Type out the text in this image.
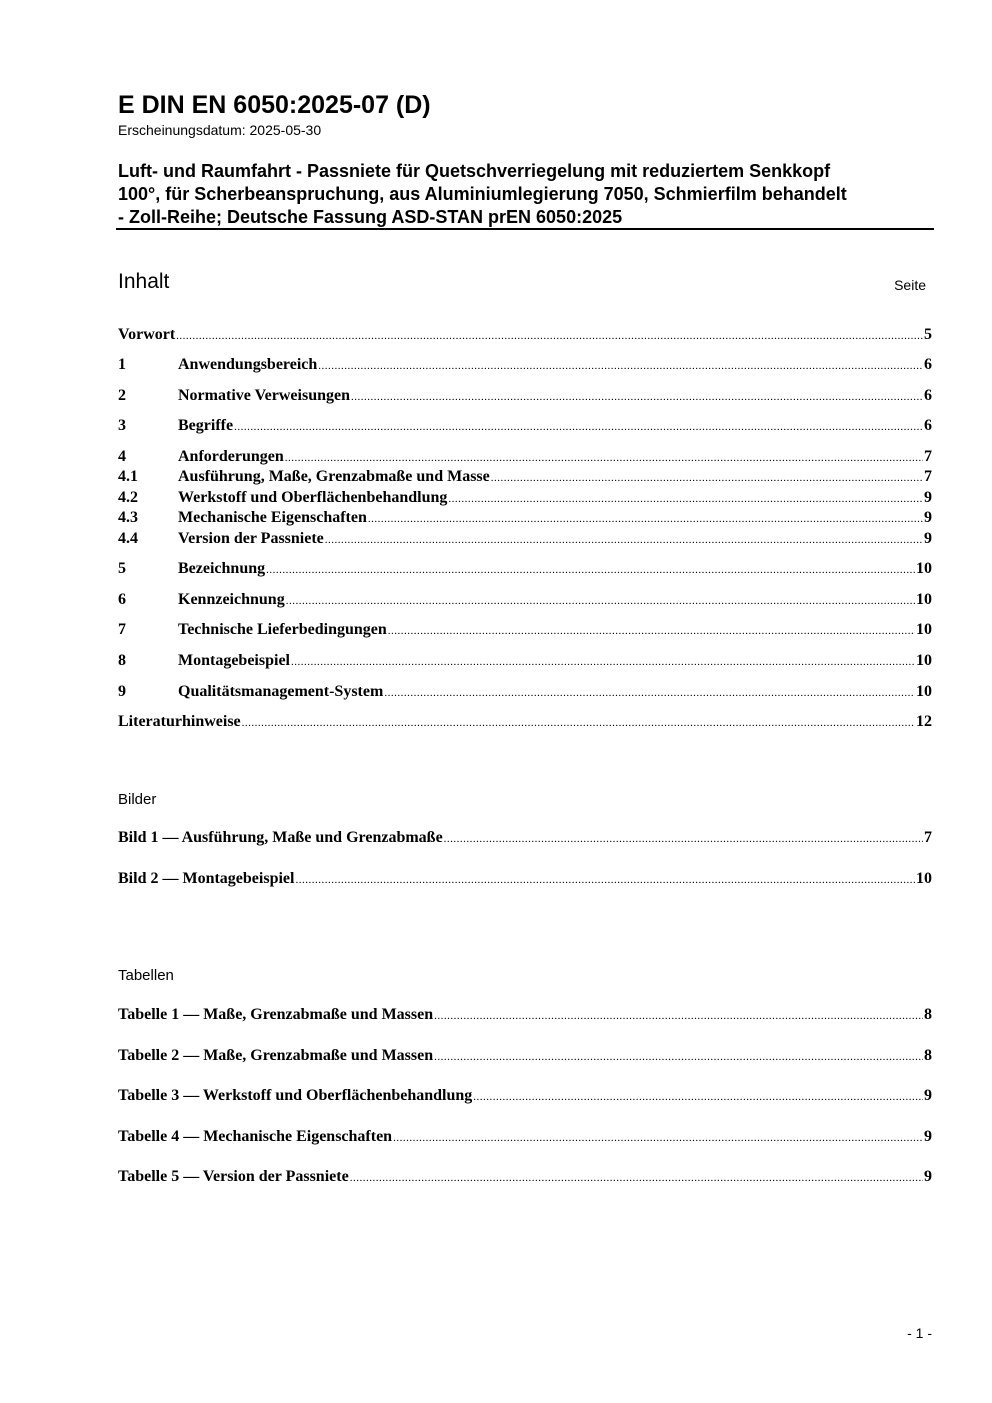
E DIN EN 6050:2025-07 (D)
Erscheinungsdatum: 2025-05-30
Luft- und Raumfahrt - Passniete für Quetschverriegelung mit reduziertem Senkkopf
100°, für Scherbeanspruchung, aus Aluminiumlegierung 7050, Schmierfilm behandelt
- Zoll-Reihe; Deutsche Fassung ASD-STAN prEN 6050:2025
Inhalt	Seite
Vorwort .....	5
1	Anwendungsbereich .....	6
2	Normative Verweisungen .....	6
3	Begriffe .....	6
4	Anforderungen .....	7
4.1	Ausführung, Maße, Grenzabmaße und Masse .....	7
4.2	Werkstoff und Oberflächenbehandlung .....	9
4.3	Mechanische Eigenschaften .....	9
4.4	Version der Passniete .....	9
5	Bezeichnung .....	10
6	Kennzeichnung .....	10
7	Technische Lieferbedingungen .....	10
8	Montagebeispiel .....	10
9	Qualitätsmanagement-System .....	10
Literaturhinweise .....	12
Bilder
Bild 1 — Ausführung, Maße und Grenzabmaße .....	7
Bild 2 — Montagebeispiel .....	10
Tabellen
Tabelle 1 — Maße, Grenzabmaße und Massen .....	8
Tabelle 2 — Maße, Grenzabmaße und Massen .....	8
Tabelle 3 — Werkstoff und Oberflächenbehandlung .....	9
Tabelle 4 — Mechanische Eigenschaften .....	9
Tabelle 5 — Version der Passniete .....	9
- 1 -
